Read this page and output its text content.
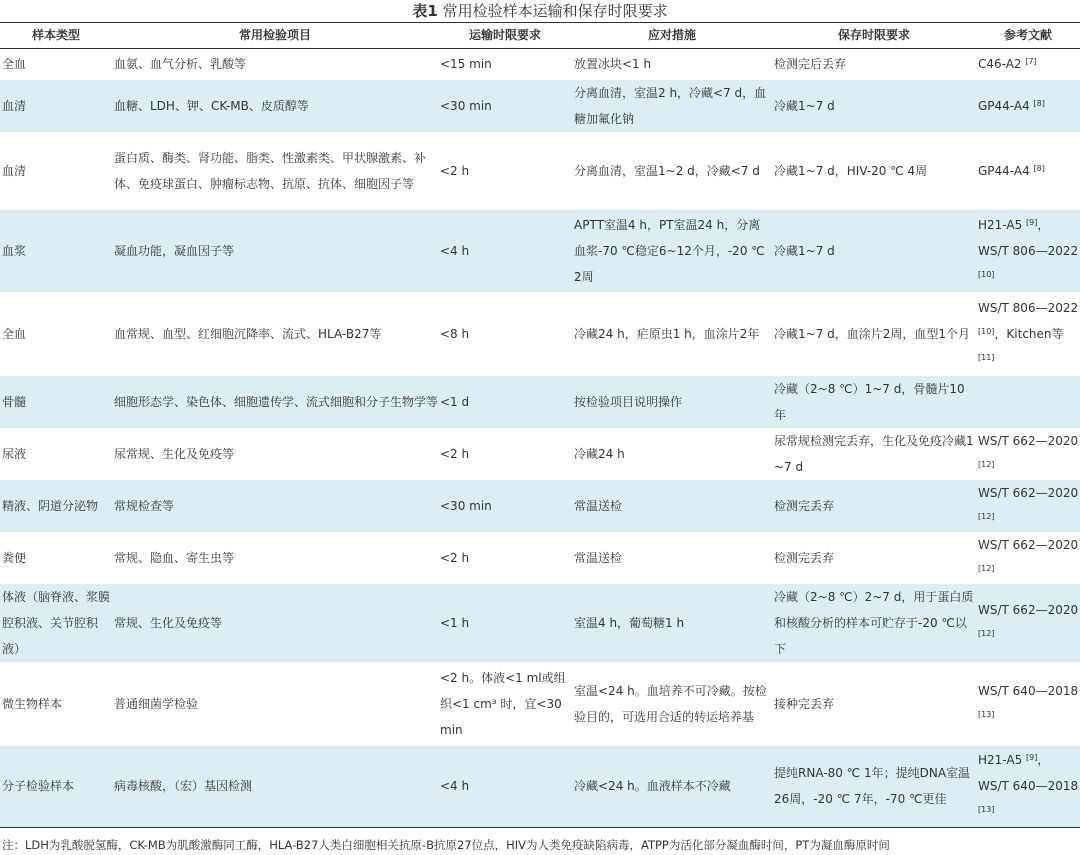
表1 常用检验样本运输和保存时限要求
样本类型	常用检验项目	运输时限要求	应对措施	保存时限要求	参考文献
全血	血氨、血气分析、乳酸等	<15 min	放置冰块<1 h	检测完后丢弃	C46-A2 [7]

血清	血糖、LDH、钾、CK-MB、皮质醇等	<30 min	分离血清，室温2 h，冷藏<7 d，血糖加氟化钠	冷藏1~7 d	GP44-A4 [8]

血清	蛋白质、酶类、肾功能、脂类、性激素类、甲状腺激素、补体、免疫球蛋白、肿瘤标志物、抗原、抗体、细胞因子等	<2 h	分离血清，室温1~2 d，冷藏<7 d	冷藏1~7 d，HIV-20 ℃ 4周	GP44-A4 [8]

血浆	凝血功能，凝血因子等	<4 h	APTT室温4 h，PT室温24 h，分离血浆-70 ℃稳定6~12个月，-20 ℃ 2周	冷藏1~7 d	H21-A5 [9]，
WS/T 806—2022
[10]

全血	血常规、血型、红细胞沉降率、流式、HLA-B27等	<8 h	冷藏24 h，疟原虫1 h，血涂片2年	冷藏1~7 d，血涂片2周，血型1个月	WS/T 806—2022
[10]，Kitchen等
[11]

骨髓	细胞形态学、染色体、细胞遗传学、流式细胞和分子生物学等	<1 d	按检验项目说明操作	冷藏（2~8 ℃）1~7 d，骨髓片10年	
尿液	尿常规、生化及免疫等	<2 h	冷藏24 h	尿常规检测完丢弃，生化及免疫冷藏1~7 d	WS/T 662—2020
[12]

精液、阴道分泌物	常规检查等	<30 min	常温送检	检测完丢弃	WS/T 662—2020
[12]

粪便	常规、隐血、寄生虫等	<2 h	常温送检	检测完丢弃	WS/T 662—2020
[12]

体液（脑脊液、浆膜腔积液、关节腔积液）	常规、生化及免疫等	<1 h	室温4 h，葡萄糖1 h	冷藏（2~8 ℃）2~7 d，用于蛋白质和核酸分析的样本可贮存于-20 ℃以下	WS/T 662—2020
[12]

微生物样本	普通细菌学检验	<2 h。体液<1 ml或组织<1 cm³ 时，宜<30 min	室温<24 h。血培养不可冷藏。按检验目的，可选用合适的转运培养基	接种完丢弃	WS/T 640—2018
[13]

分子检验样本	病毒核酸，（宏）基因检测	<4 h	冷藏<24 h。血液样本不冷藏	提纯RNA-80 ℃ 1年；提纯DNA室温26周，-20 ℃ 7年，-70 ℃更佳	H21-A5 [9]，
WS/T 640—2018
[13]
注：LDH为乳酸脱氢酶，CK-MB为肌酸激酶同工酶，HLA-B27人类白细胞相关抗原-B抗原27位点，HIV为人类免疫缺陷病毒，ATPP为活化部分凝血酶时间，PT为凝血酶原时间
